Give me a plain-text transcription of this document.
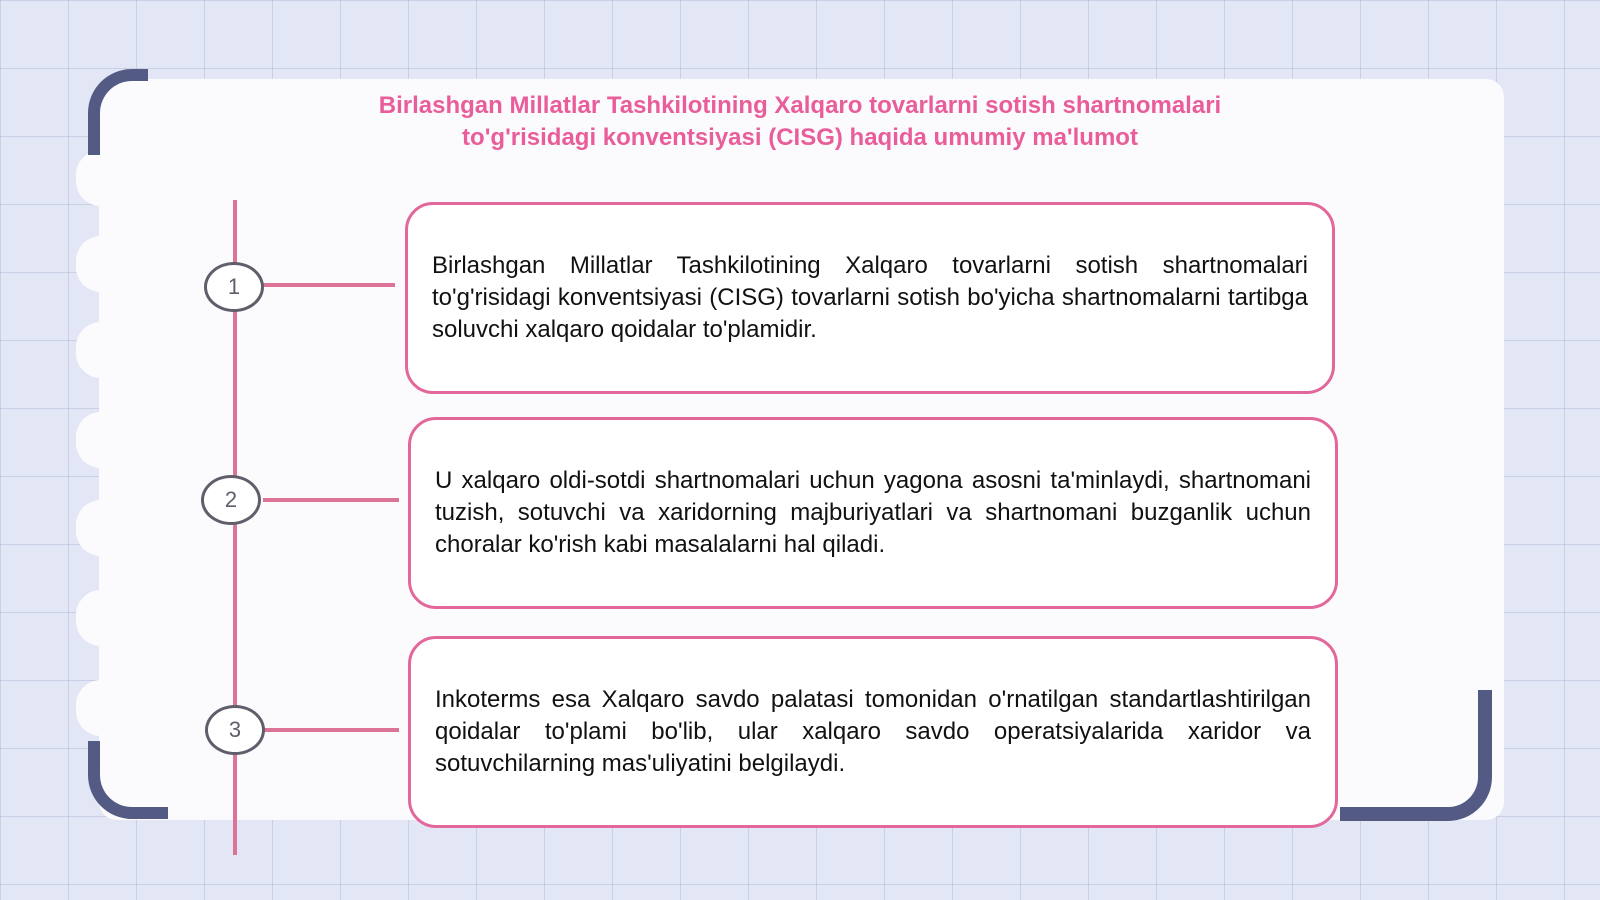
Birlashgan Millatlar Tashkilotining Xalqaro tovarlarni sotish shartnomalari
to'g'risidagi konventsiyasi (CISG) haqida umumiy ma'lumot
1

Birlashgan Millatlar Tashkilotining Xalqaro tovarlarni sotish shartnomalari to'g'risidagi konventsiyasi (CISG) tovarlarni sotish bo'yicha shartnomalarni tartibga soluvchi xalqaro qoidalar to'plamidir.

2

U xalqaro oldi-sotdi shartnomalari uchun yagona asosni ta'minlaydi, shartnomani tuzish, sotuvchi va xaridorning majburiyatlari va shartnomani buzganlik uchun choralar ko'rish kabi masalalarni hal qiladi.

3

Inkoterms esa Xalqaro savdo palatasi tomonidan o'rnatilgan standartlashtirilgan qoidalar to'plami bo'lib, ular xalqaro savdo operatsiyalarida xaridor va sotuvchilarning mas'uliyatini belgilaydi.
